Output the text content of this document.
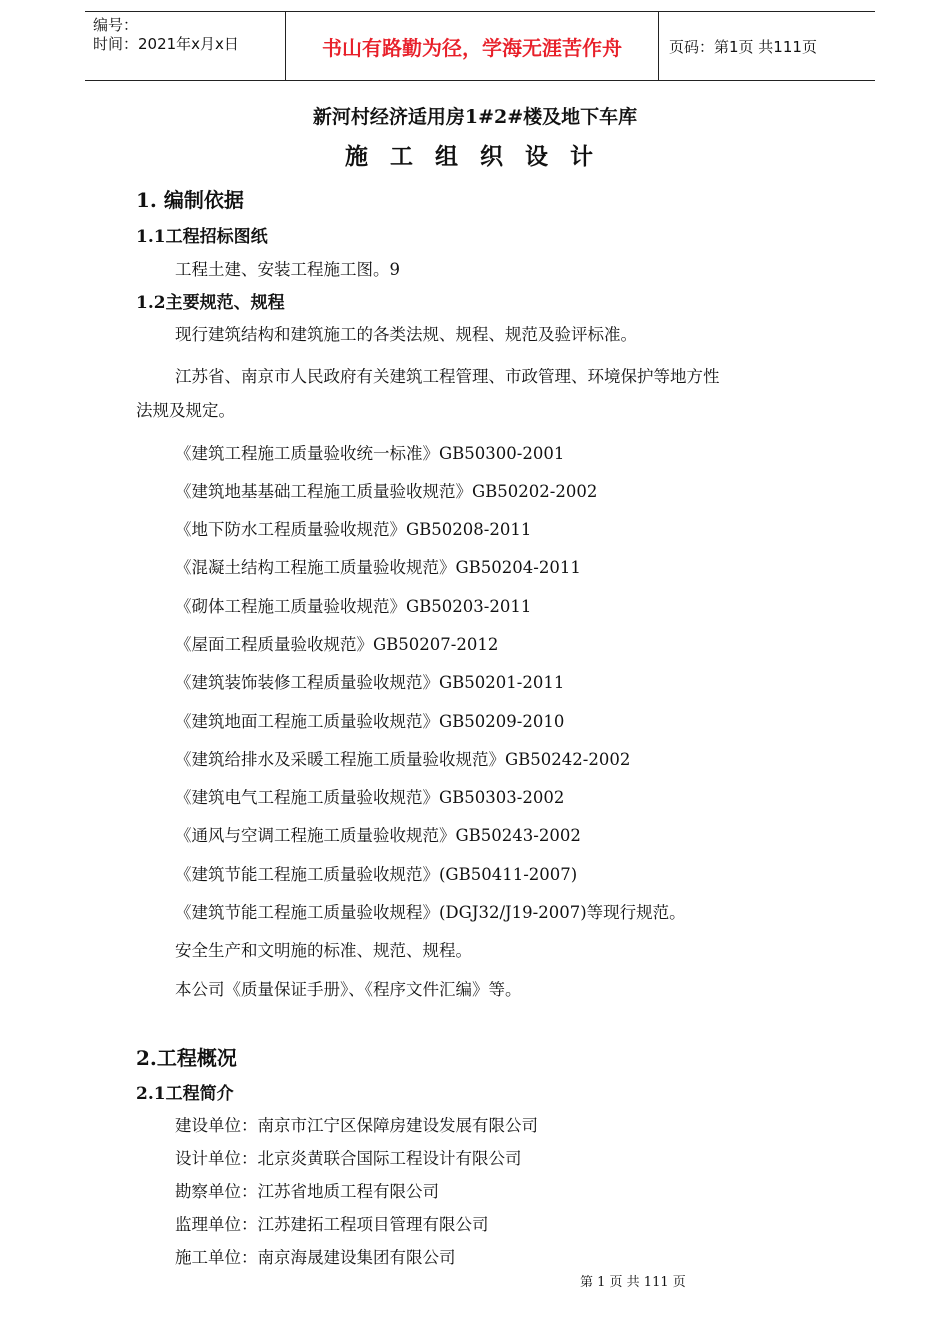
编号：
时间：2021年x月x日	书山有路勤为径，学海无涯苦作舟	页码：第1页 共111页
新河村经济适用房1#2#楼及地下车库
施工组织设计
1. 编制依据
1.1工程招标图纸
工程土建、安装工程施工图。9
1.2主要规范、规程
现行建筑结构和建筑施工的各类法规、规程、规范及验评标准。
江苏省、南京市人民政府有关建筑工程管理、市政管理、环境保护等地方性
法规及规定。
《建筑工程施工质量验收统一标准》GB50300-2001
《建筑地基基础工程施工质量验收规范》GB50202-2002
《地下防水工程质量验收规范》GB50208-2011
《混凝土结构工程施工质量验收规范》GB50204-2011
《砌体工程施工质量验收规范》GB50203-2011
《屋面工程质量验收规范》GB50207-2012
《建筑装饰装修工程质量验收规范》GB50201-2011
《建筑地面工程施工质量验收规范》GB50209-2010
《建筑给排水及采暖工程施工质量验收规范》GB50242-2002
《建筑电气工程施工质量验收规范》GB50303-2002
《通风与空调工程施工质量验收规范》GB50243-2002
《建筑节能工程施工质量验收规范》(GB50411-2007)
《建筑节能工程施工质量验收规程》(DGJ32/J19-2007)等现行规范。
安全生产和文明施的标准、规范、规程。
本公司《质量保证手册》、《程序文件汇编》等。
2.工程概况
2.1工程简介
建设单位：南京市江宁区保障房建设发展有限公司
设计单位：北京炎黄联合国际工程设计有限公司
勘察单位：江苏省地质工程有限公司
监理单位：江苏建拓工程项目管理有限公司
施工单位：南京海晟建设集团有限公司
第 1 页 共 111 页
